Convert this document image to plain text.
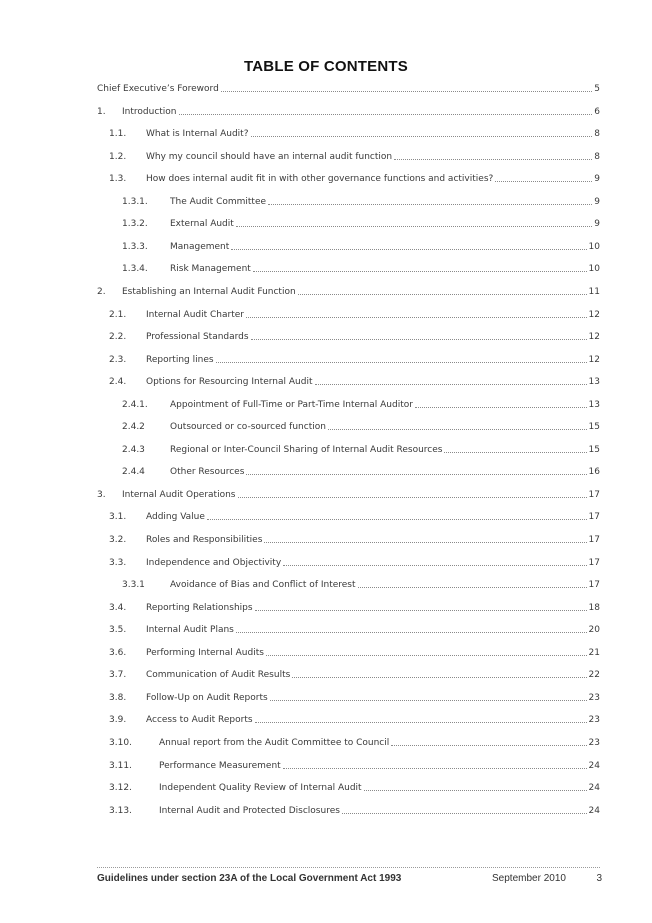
TABLE OF CONTENTS
Chief Executive’s Foreword	5
1. Introduction	6
1.1. What is Internal Audit?	8
1.2. Why my council should have an internal audit function	8
1.3. How does internal audit fit in with other governance functions and activities?	9
1.3.1. The Audit Committee	9
1.3.2. External Audit	9
1.3.3. Management	10
1.3.4. Risk Management	10
2. Establishing an Internal Audit Function	11
2.1. Internal Audit Charter	12
2.2. Professional Standards	12
2.3. Reporting lines	12
2.4. Options for Resourcing Internal Audit	13
2.4.1. Appointment of Full-Time or Part-Time Internal Auditor	13
2.4.2	Outsourced or co-sourced function	15
2.4.3	Regional or Inter-Council Sharing of Internal Audit Resources	15
2.4.4	Other Resources	16
3. Internal Audit Operations	17
3.1. Adding Value	17
3.2. Roles and Responsibilities	17
3.3. Independence and Objectivity	17
3.3.1	Avoidance of Bias and Conflict of Interest	17
3.4. Reporting Relationships	18
3.5. Internal Audit Plans	20
3.6. Performing Internal Audits	21
3.7. Communication of Audit Results	22
3.8. Follow-Up on Audit Reports	23
3.9. Access to Audit Reports	23
3.10.	Annual report from the Audit Committee to Council	23
3.11.	Performance Measurement	24
3.12.	Independent Quality Review of Internal Audit	24
3.13.	Internal Audit and Protected Disclosures	24
Guidelines under section 23A of the Local Government Act 1993	September 2010	3
